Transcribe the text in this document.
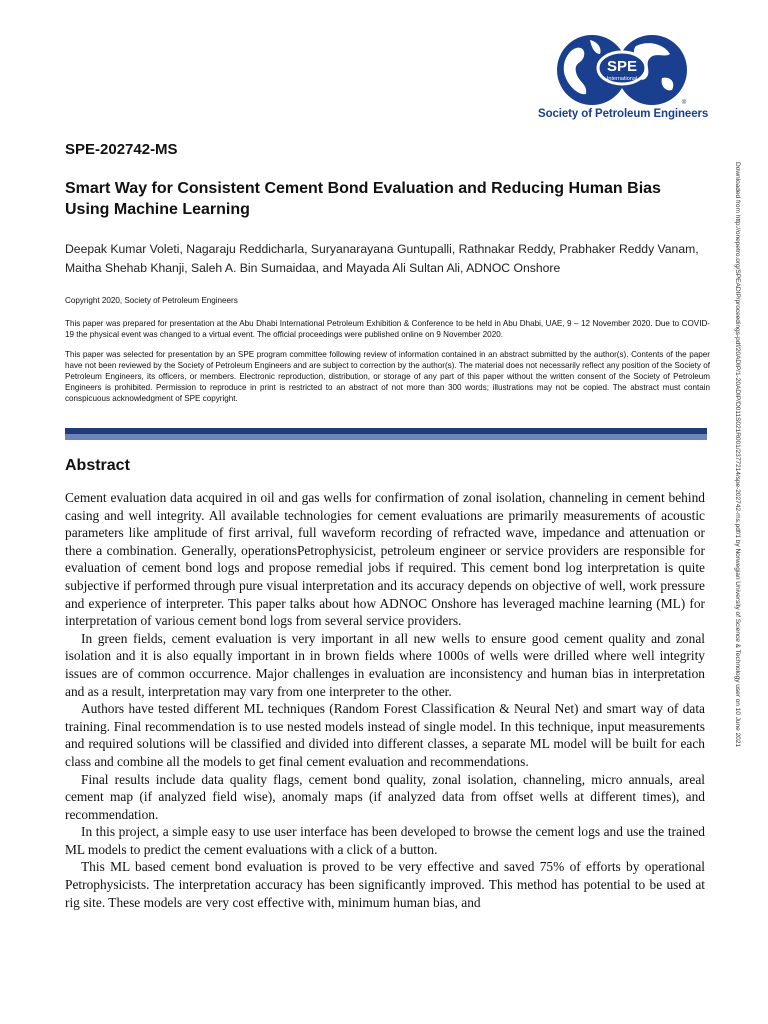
SPE
International
®
Society of Petroleum Engineers
SPE-202742-MS
Smart Way for Consistent Cement Bond Evaluation and Reducing Human Bias Using Machine Learning
Deepak Kumar Voleti, Nagaraju Reddicharla, Suryanarayana Guntupalli, Rathnakar Reddy, Prabhaker Reddy Vanam, Maitha Shehab Khanji, Saleh A. Bin Sumaidaa, and Mayada Ali Sultan Ali, ADNOC Onshore
Copyright 2020, Society of Petroleum Engineers
This paper was prepared for presentation at the Abu Dhabi International Petroleum Exhibition & Conference to be held in Abu Dhabi, UAE, 9 – 12 November 2020. Due to COVID-19 the physical event was changed to a virtual event. The official proceedings were published online on 9 November 2020.
This paper was selected for presentation by an SPE program committee following review of information contained in an abstract submitted by the author(s). Contents of the paper have not been reviewed by the Society of Petroleum Engineers and are subject to correction by the author(s). The material does not necessarily reflect any position of the Society of Petroleum Engineers, its officers, or members. Electronic reproduction, distribution, or storage of any part of this paper without the written consent of the Society of Petroleum Engineers is prohibited. Permission to reproduce in print is restricted to an abstract of not more than 300 words; illustrations may not be copied. The abstract must contain conspicuous acknowledgment of SPE copyright.
Abstract

Cement evaluation data acquired in oil and gas wells for confirmation of zonal isolation, channeling in cement behind casing and well integrity. All available technologies for cement evaluations are primarily measurements of acoustic parameters like amplitude of first arrival, full waveform recording of refracted wave, impedance and attenuation or there a combination. Generally, operationsPetrophysicist, petroleum engineer or service providers are responsible for evaluation of cement bond logs and propose remedial jobs if required. This cement bond log interpretation is quite subjective if performed through pure visual interpretation and its accuracy depends on objective of well, work pressure and experience of interpreter. This paper talks about how ADNOC Onshore has leveraged machine learning (ML) for interpretation of various cement bond logs from several service providers.

In green fields, cement evaluation is very important in all new wells to ensure good cement quality and zonal isolation and it is also equally important in in brown fields where 1000s of wells were drilled where well integrity issues are of common occurrence. Major challenges in evaluation are inconsistency and human bias in interpretation and as a result, interpretation may vary from one interpreter to the other.

Authors have tested different ML techniques (Random Forest Classification & Neural Net) and smart way of data training. Final recommendation is to use nested models instead of single model. In this technique, input measurements and required solutions will be classified and divided into different classes, a separate ML model will be built for each class and combine all the models to get final cement evaluation and recommendations.

Final results include data quality flags, cement bond quality, zonal isolation, channeling, micro annuals, areal cement map (if analyzed field wise), anomaly maps (if analyzed data from offset wells at different times), and recommendation.

In this project, a simple easy to use user interface has been developed to browse the cement logs and use the trained ML models to predict the cement evaluations with a click of a button.

This ML based cement bond evaluation is proved to be very effective and saved 75% of efforts by operational Petrophysicists. The interpretation accuracy has been significantly improved. This method has potential to be used at rig site. These models are very cost effective with, minimum human bias, and

Downloaded from http://onepetro.org/SPEADIP/proceedings-pdf/20ADIP/1-20ADIP/D011S021R001/2377214/spe-202742-ms.pdf/1 by Norwegian University of Science & Technology user on 10 June 2021
